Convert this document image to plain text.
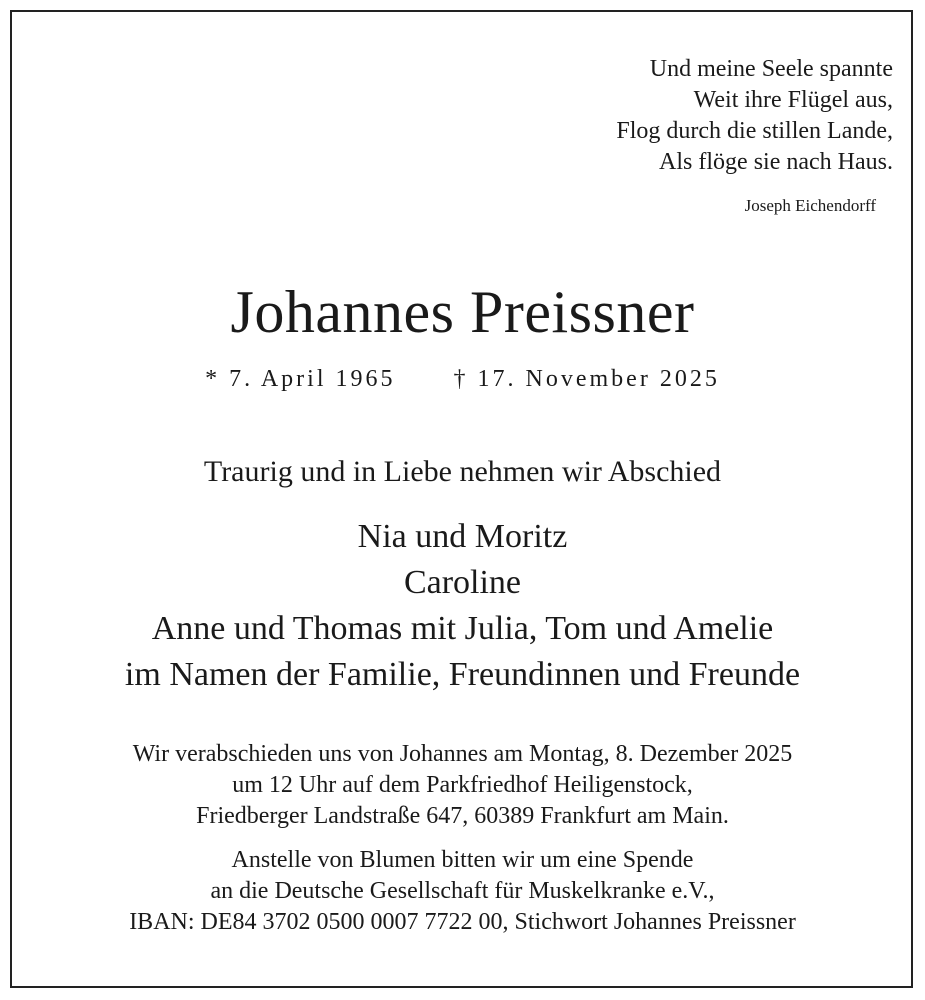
Und meine Seele spannte
Weit ihre Flügel aus,
Flog durch die stillen Lande,
Als flöge sie nach Haus.
Joseph Eichendorff
Johannes Preissner
* 7. April 1965 † 17. November 2025
Traurig und in Liebe nehmen wir Abschied
Nia und Moritz
Caroline
Anne und Thomas mit Julia, Tom und Amelie
im Namen der Familie, Freundinnen und Freunde
Wir verabschieden uns von Johannes am Montag, 8. Dezember 2025
um 12 Uhr auf dem Parkfriedhof Heiligenstock,
Friedberger Landstraße 647, 60389 Frankfurt am Main.
Anstelle von Blumen bitten wir um eine Spende
an die Deutsche Gesellschaft für Muskelkranke e.V.,
IBAN: DE84 3702 0500 0007 7722 00, Stichwort Johannes Preissner
